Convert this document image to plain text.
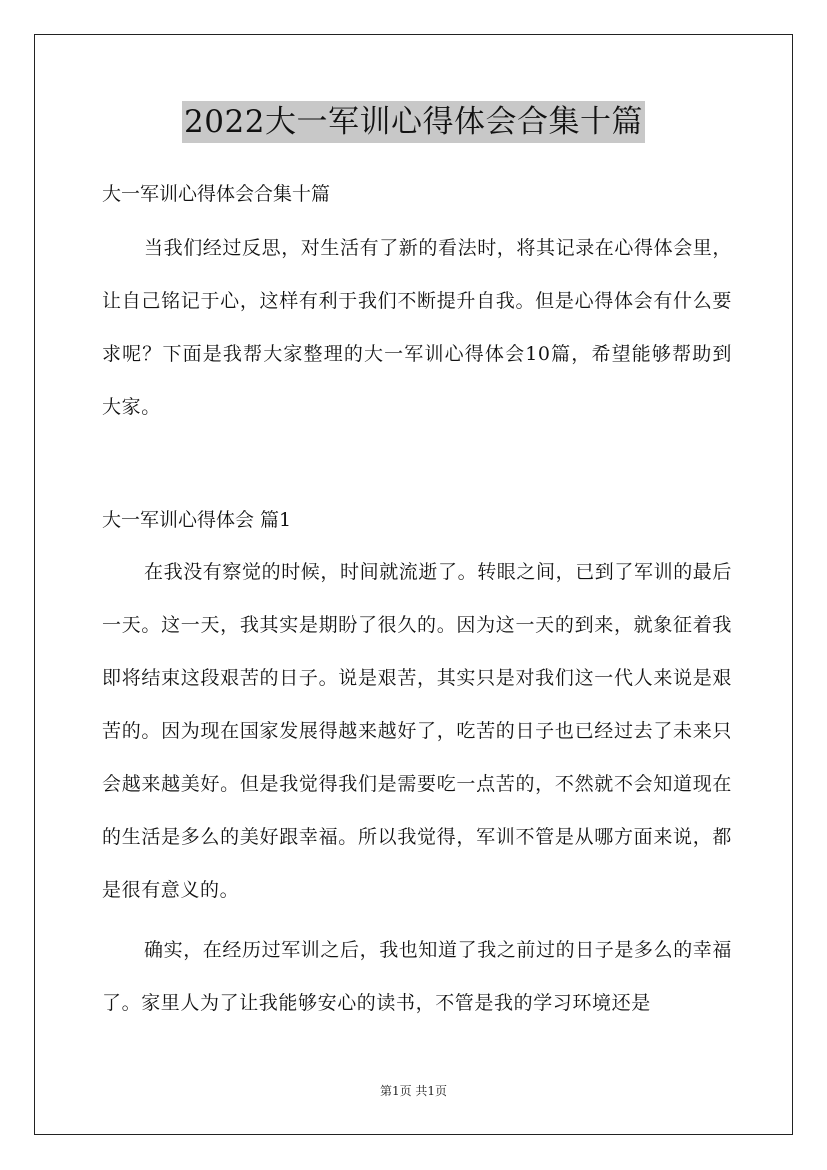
2022大一军训心得体会合集十篇
大一军训心得体会合集十篇

当我们经过反思，对生活有了新的看法时，将其记录在心得体会里，让自己铭记于心，这样有利于我们不断提升自我。但是心得体会有什么要求呢？下面是我帮大家整理的大一军训心得体会10篇，希望能够帮助到大家。

大一军训心得体会 篇1

在我没有察觉的时候，时间就流逝了。转眼之间，已到了军训的最后一天。这一天，我其实是期盼了很久的。因为这一天的到来，就象征着我即将结束这段艰苦的日子。说是艰苦，其实只是对我们这一代人来说是艰苦的。因为现在国家发展得越来越好了，吃苦的日子也已经过去了未来只会越来越美好。但是我觉得我们是需要吃一点苦的，不然就不会知道现在的生活是多么的美好跟幸福。所以我觉得，军训不管是从哪方面来说，都是很有意义的。

确实，在经历过军训之后，我也知道了我之前过的日子是多么的幸福了。家里人为了让我能够安心的读书，不管是我的学习环境还是

第1页 共1页
